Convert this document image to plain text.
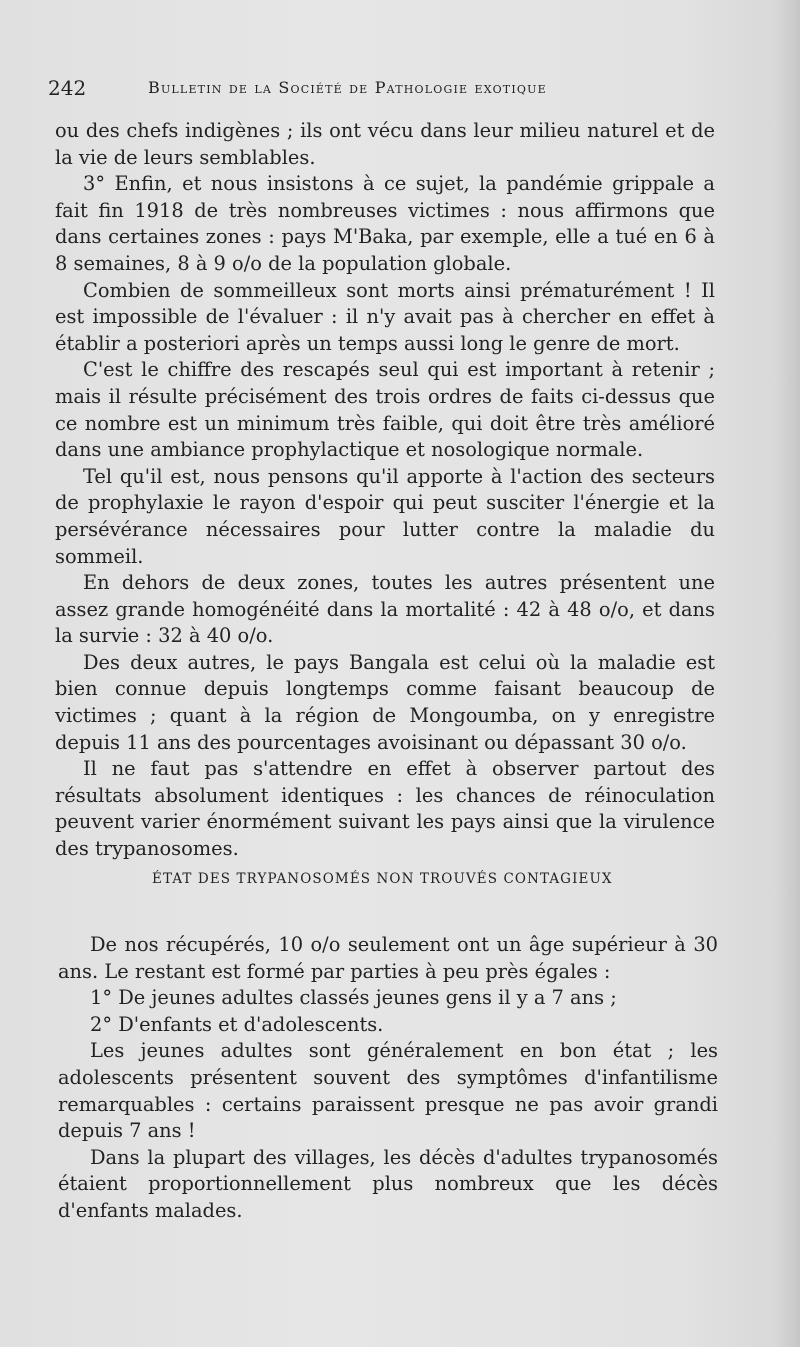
242	Bulletin de la Société de Pathologie exotique

ou des chefs indigènes ; ils ont vécu dans leur milieu naturel et de la vie de leurs semblables.

3° Enfin, et nous insistons à ce sujet, la pandémie grippale a fait fin 1918 de très nombreuses victimes : nous affirmons que dans certaines zones : pays M'Baka, par exemple, elle a tué en 6 à 8 semaines, 8 à 9 o/o de la population globale.

Combien de sommeilleux sont morts ainsi prématurément ! Il est impossible de l'évaluer : il n'y avait pas à chercher en effet à établir a posteriori après un temps aussi long le genre de mort.

C'est le chiffre des rescapés seul qui est important à retenir ; mais il résulte précisément des trois ordres de faits ci-dessus que ce nombre est un minimum très faible, qui doit être très amélioré dans une ambiance prophylactique et nosologique normale.

Tel qu'il est, nous pensons qu'il apporte à l'action des secteurs de prophylaxie le rayon d'espoir qui peut susciter l'énergie et la persévérance nécessaires pour lutter contre la maladie du sommeil.

En dehors de deux zones, toutes les autres présentent une assez grande homogénéité dans la mortalité : 42 à 48 o/o, et dans la survie : 32 à 40 o/o.

Des deux autres, le pays Bangala est celui où la maladie est bien connue depuis longtemps comme faisant beaucoup de victimes ; quant à la région de Mongoumba, on y enregistre depuis 11 ans des pourcentages avoisinant ou dépassant 30 o/o.

Il ne faut pas s'attendre en effet à observer partout des résultats absolument identiques : les chances de réinoculation peuvent varier énormément suivant les pays ainsi que la virulence des trypanosomes.

ÉTAT DES TRYPANOSOMÉS NON TROUVÉS CONTAGIEUX

De nos récupérés, 10 o/o seulement ont un âge supérieur à 30 ans. Le restant est formé par parties à peu près égales :

1° De jeunes adultes classés jeunes gens il y a 7 ans ;

2° D'enfants et d'adolescents.

Les jeunes adultes sont généralement en bon état ; les adolescents présentent souvent des symptômes d'infantilisme remarquables : certains paraissent presque ne pas avoir grandi depuis 7 ans !

Dans la plupart des villages, les décès d'adultes trypanosomés étaient proportionnellement plus nombreux que les décès d'enfants malades.
